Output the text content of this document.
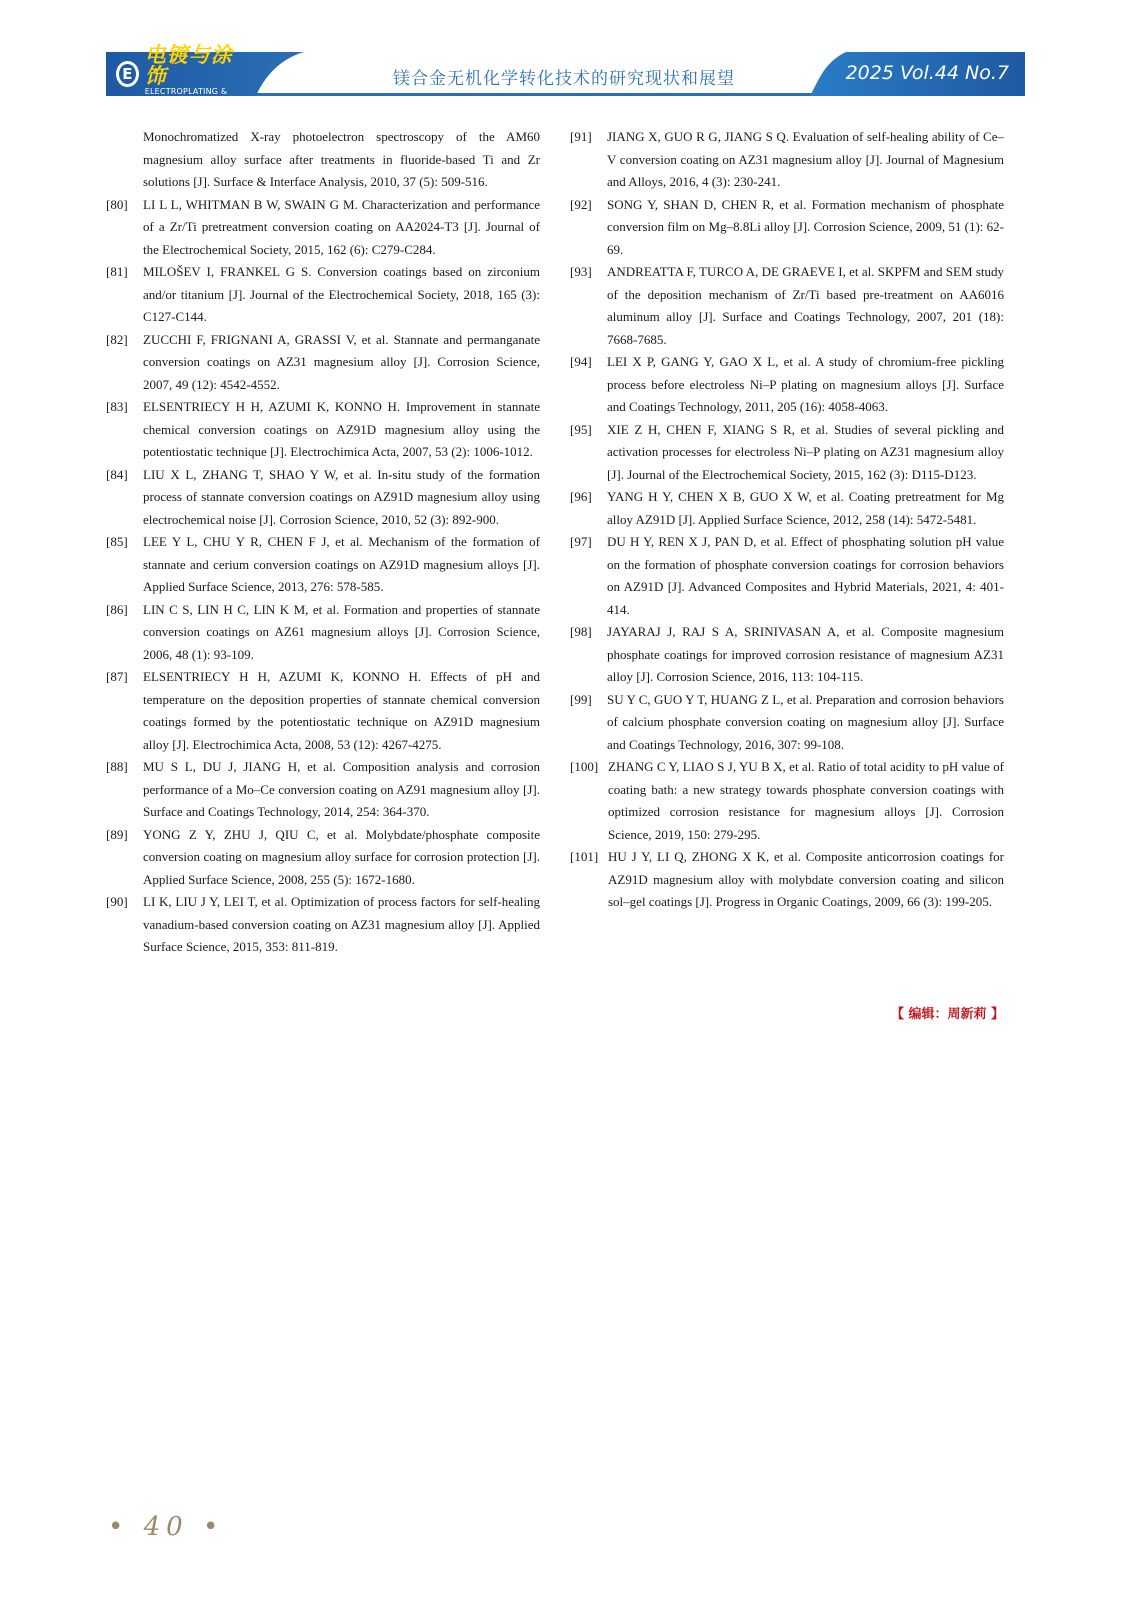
E
电镀与涂饰
ELECTROPLATING & FINISHING
镁合金无机化学转化技术的研究现状和展望	2025 Vol.44 No.7
Monochromatized X-ray photoelectron spectroscopy of the AM60 magnesium alloy surface after treatments in fluoride-based Ti and Zr solutions [J]. Surface & Interface Analysis, 2010, 37 (5): 509-516.
[80]	LI L L, WHITMAN B W, SWAIN G M. Characterization and performance of a Zr/Ti pretreatment conversion coating on AA2024-T3 [J]. Journal of the Electrochemical Society, 2015, 162 (6): C279-C284.
[81]	MILOŠEV I, FRANKEL G S. Conversion coatings based on zirconium and/or titanium [J]. Journal of the Electrochemical Society, 2018, 165 (3): C127-C144.
[82]	ZUCCHI F, FRIGNANI A, GRASSI V, et al. Stannate and permanganate conversion coatings on AZ31 magnesium alloy [J]. Corrosion Science, 2007, 49 (12): 4542-4552.
[83]	ELSENTRIECY H H, AZUMI K, KONNO H. Improvement in stannate chemical conversion coatings on AZ91D magnesium alloy using the potentiostatic technique [J]. Electrochimica Acta, 2007, 53 (2): 1006-1012.
[84]	LIU X L, ZHANG T, SHAO Y W, et al. In-situ study of the formation process of stannate conversion coatings on AZ91D magnesium alloy using electrochemical noise [J]. Corrosion Science, 2010, 52 (3): 892-900.
[85]	LEE Y L, CHU Y R, CHEN F J, et al. Mechanism of the formation of stannate and cerium conversion coatings on AZ91D magnesium alloys [J]. Applied Surface Science, 2013, 276: 578-585.
[86]	LIN C S, LIN H C, LIN K M, et al. Formation and properties of stannate conversion coatings on AZ61 magnesium alloys [J]. Corrosion Science, 2006, 48 (1): 93-109.
[87]	ELSENTRIECY H H, AZUMI K, KONNO H. Effects of pH and temperature on the deposition properties of stannate chemical conversion coatings formed by the potentiostatic technique on AZ91D magnesium alloy [J]. Electrochimica Acta, 2008, 53 (12): 4267-4275.
[88]	MU S L, DU J, JIANG H, et al. Composition analysis and corrosion performance of a Mo–Ce conversion coating on AZ91 magnesium alloy [J]. Surface and Coatings Technology, 2014, 254: 364-370.
[89]	YONG Z Y, ZHU J, QIU C, et al. Molybdate/phosphate composite conversion coating on magnesium alloy surface for corrosion protection [J]. Applied Surface Science, 2008, 255 (5): 1672-1680.
[90]	LI K, LIU J Y, LEI T, et al. Optimization of process factors for self-healing vanadium-based conversion coating on AZ31 magnesium alloy [J]. Applied Surface Science, 2015, 353: 811-819.
[91]	JIANG X, GUO R G, JIANG S Q. Evaluation of self-healing ability of Ce–V conversion coating on AZ31 magnesium alloy [J]. Journal of Magnesium and Alloys, 2016, 4 (3): 230-241.
[92]	SONG Y, SHAN D, CHEN R, et al. Formation mechanism of phosphate conversion film on Mg–8.8Li alloy [J]. Corrosion Science, 2009, 51 (1): 62-69.
[93]	ANDREATTA F, TURCO A, DE GRAEVE I, et al. SKPFM and SEM study of the deposition mechanism of Zr/Ti based pre-treatment on AA6016 aluminum alloy [J]. Surface and Coatings Technology, 2007, 201 (18): 7668-7685.
[94]	LEI X P, GANG Y, GAO X L, et al. A study of chromium-free pickling process before electroless Ni–P plating on magnesium alloys [J]. Surface and Coatings Technology, 2011, 205 (16): 4058-4063.
[95]	XIE Z H, CHEN F, XIANG S R, et al. Studies of several pickling and activation processes for electroless Ni–P plating on AZ31 magnesium alloy [J]. Journal of the Electrochemical Society, 2015, 162 (3): D115-D123.
[96]	YANG H Y, CHEN X B, GUO X W, et al. Coating pretreatment for Mg alloy AZ91D [J]. Applied Surface Science, 2012, 258 (14): 5472-5481.
[97]	DU H Y, REN X J, PAN D, et al. Effect of phosphating solution pH value on the formation of phosphate conversion coatings for corrosion behaviors on AZ91D [J]. Advanced Composites and Hybrid Materials, 2021, 4: 401-414.
[98]	JAYARAJ J, RAJ S A, SRINIVASAN A, et al. Composite magnesium phosphate coatings for improved corrosion resistance of magnesium AZ31 alloy [J]. Corrosion Science, 2016, 113: 104-115.
[99]	SU Y C, GUO Y T, HUANG Z L, et al. Preparation and corrosion behaviors of calcium phosphate conversion coating on magnesium alloy [J]. Surface and Coatings Technology, 2016, 307: 99-108.
[100] ZHANG C Y, LIAO S J, YU B X, et al. Ratio of total acidity to pH value of coating bath: a new strategy towards phosphate conversion coatings with optimized corrosion resistance for magnesium alloys [J]. Corrosion Science, 2019, 150: 279-295.
[101] HU J Y, LI Q, ZHONG X K, et al. Composite anticorrosion coatings for AZ91D magnesium alloy with molybdate conversion coating and silicon sol–gel coatings [J]. Progress in Organic Coatings, 2009, 66 (3): 199-205.
【 编辑：周新莉 】
• 40 •
